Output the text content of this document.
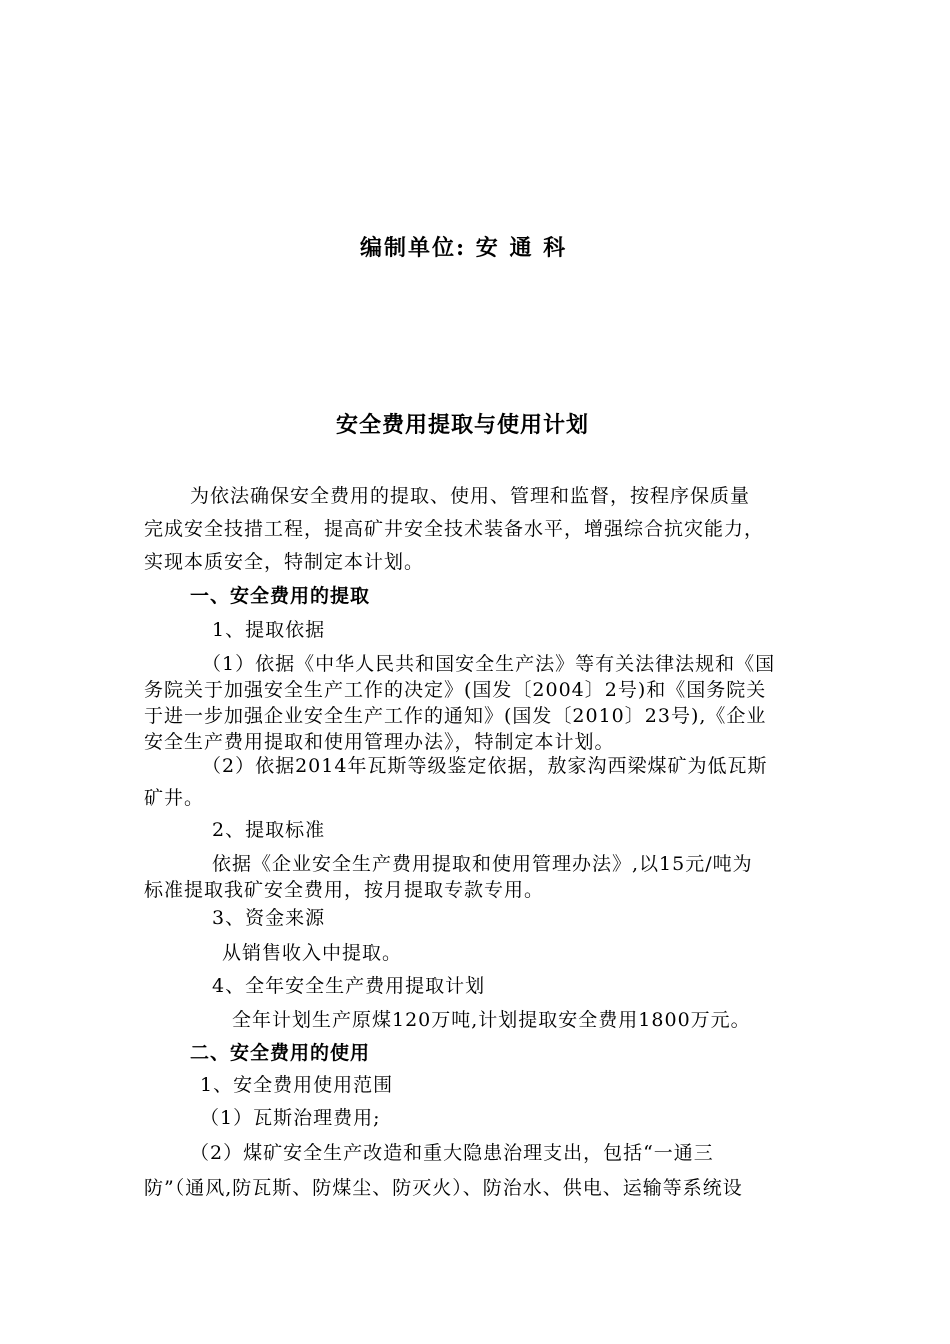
编制单位: 安 通 科
安全费用提取与使用计划
为依法确保安全费用的提取、使用、管理和监督，按程序保质量
完成安全技措工程，提高矿井安全技术装备水平，增强综合抗灾能力，
实现本质安全，特制定本计划。
一、安全费用的提取
1、提取依据
（1）依据《中华人民共和国安全生产法》等有关法律法规和《国
务院关于加强安全生产工作的决定》(国发〔2004〕2号)和《国务院关
于进一步加强企业安全生产工作的通知》(国发〔2010〕23号),《企业
安全生产费用提取和使用管理办法》，特制定本计划。
（2）依据2014年瓦斯等级鉴定依据，敖家沟西梁煤矿为低瓦斯
矿井。
2、提取标准
依据《企业安全生产费用提取和使用管理办法》,以15元/吨为
标准提取我矿安全费用，按月提取专款专用。
3、资金来源
从销售收入中提取。
4、全年安全生产费用提取计划
全年计划生产原煤120万吨,计划提取安全费用1800万元。
二、安全费用的使用
1、安全费用使用范围
（1）瓦斯治理费用;
（2）煤矿安全生产改造和重大隐患治理支出，包括“一通三
防”（通风,防瓦斯、防煤尘、防灭火）、防治水、供电、运输等系统设
